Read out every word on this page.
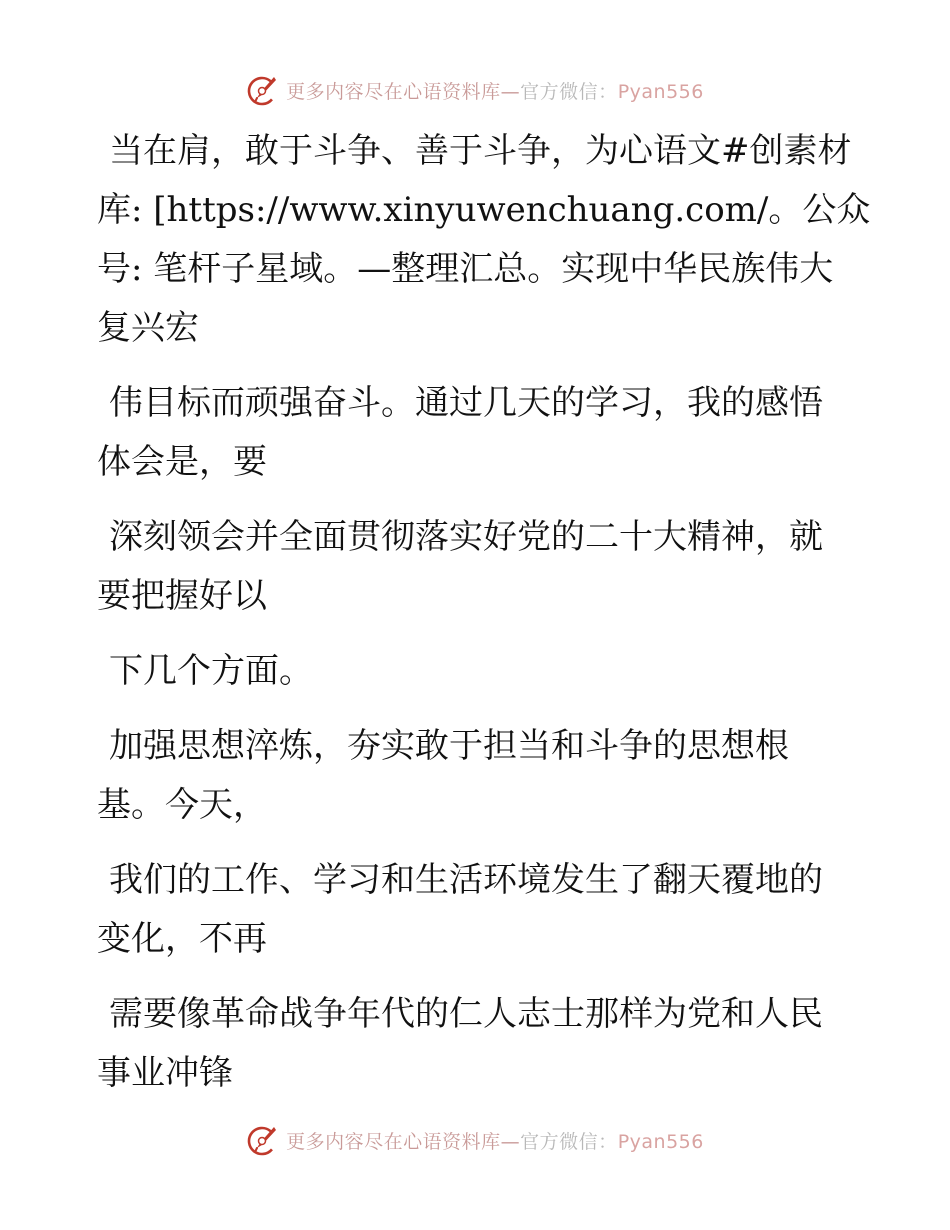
更多内容尽在心语资料库—官方微信：Pyan556

当在肩，敢于斗争、善于斗争，为心语文#创素材
库: [https://www.xinyuwenchuang.com/。公众
号: 笔杆子星域。—整理汇总。实现中华民族伟大
复兴宏

伟目标而顽强奋斗。通过几天的学习，我的感悟
体会是，要

深刻领会并全面贯彻落实好党的二十大精神，就
要把握好以

下几个方面。

加强思想淬炼，夯实敢于担当和斗争的思想根
基。今天，

我们的工作、学习和生活环境发生了翻天覆地的
变化，不再

需要像革命战争年代的仁人志士那样为党和人民
事业冲锋

更多内容尽在心语资料库—官方微信：Pyan556
